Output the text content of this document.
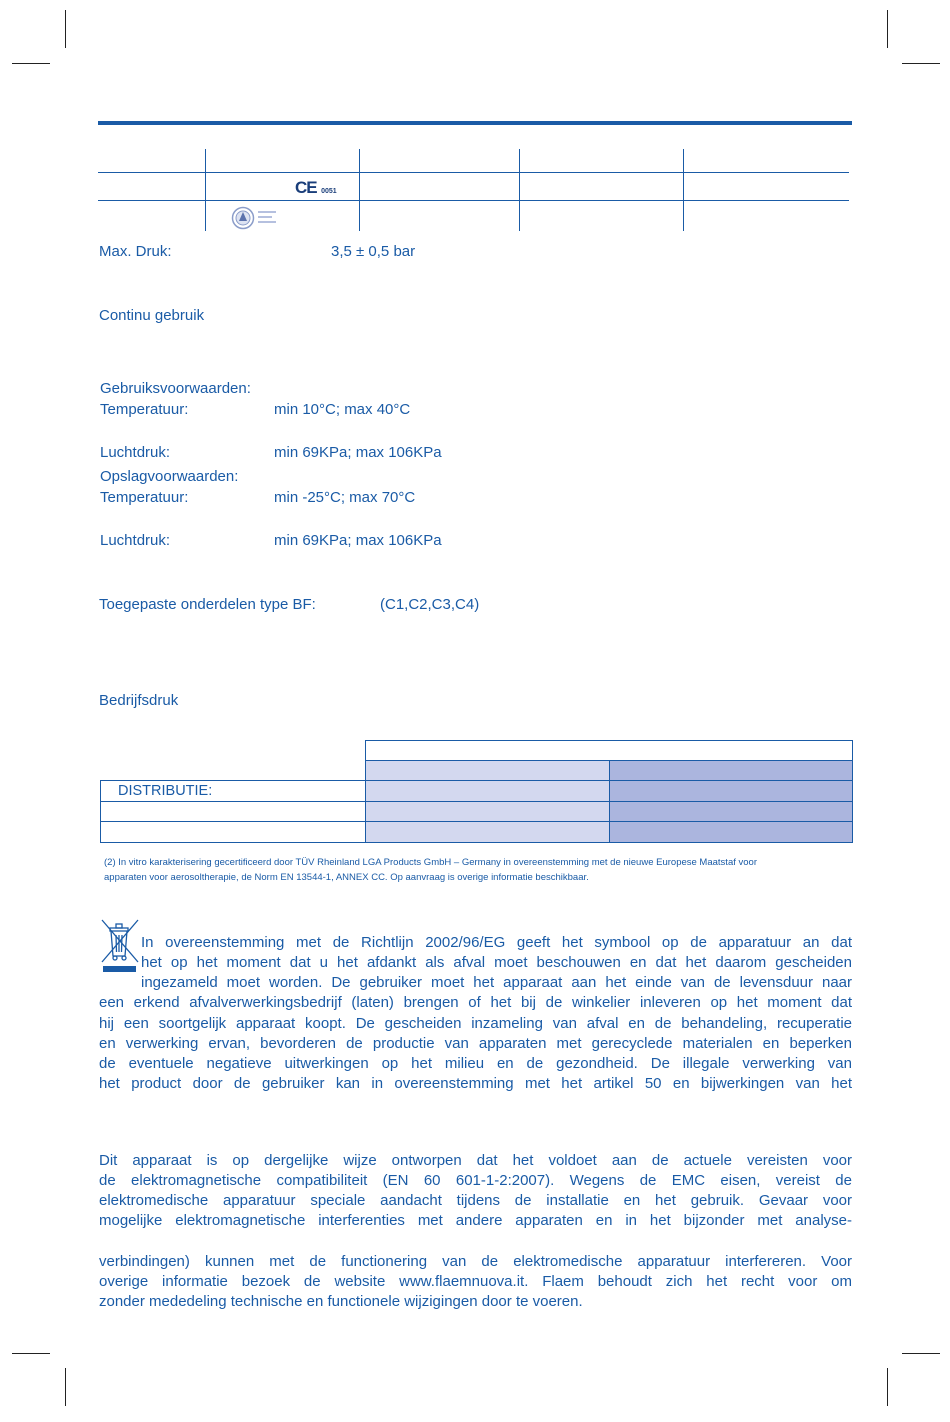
CE 0051
Max. Druk:	3,5 ± 0,5 bar
Continu gebruik
Gebruiksvoorwaarden:
Temperatuur:	min 10°C; max 40°C
Luchtdruk:	min 69KPa; max 106KPa
Opslagvoorwaarden:
Temperatuur:	min -25°C; max 70°C
Luchtdruk:	min 69KPa; max 106KPa
Toegepaste onderdelen type BF:	(C1,C2,C3,C4)
Bedrijfsdruk
DISTRIBUTIE:
(2) In vitro karakterisering gecertificeerd door TÜV Rheinland LGA Products GmbH – Germany in overeenstemming met de nieuwe Europese Maatstaf voor
apparaten voor aerosoltherapie, de Norm EN 13544-1, ANNEX CC. Op aanvraag is overige informatie beschikbaar.
In overeenstemming met de Richtlijn 2002/96/EG geeft het symbool op de apparatuur an dat
het op het moment dat u het afdankt als afval moet beschouwen en dat het daarom gescheiden
ingezameld moet worden. De gebruiker moet het apparaat aan het einde van de levensduur naar
een erkend afvalverwerkingsbedrijf (laten) brengen of het bij de winkelier inleveren op het moment dat
hij een soortgelijk apparaat koopt. De gescheiden inzameling van afval en de behandeling, recuperatie
en verwerking ervan, bevorderen de productie van apparaten met gerecyclede materialen en beperken
de eventuele negatieve uitwerkingen op het milieu en de gezondheid. De illegale verwerking van
het product door de gebruiker kan in overeenstemming met het artikel 50 en bijwerkingen van het
Dit apparaat is op dergelijke wijze ontworpen dat het voldoet aan de actuele vereisten voor
de elektromagnetische compatibiliteit (EN 60 601-1-2:2007). Wegens de EMC eisen, vereist de
elektromedische apparatuur speciale aandacht tijdens de installatie en het gebruik. Gevaar voor
mogelijke elektromagnetische interferenties met andere apparaten en in het bijzonder met analyse-
verbindingen) kunnen met de functionering van de elektromedische apparatuur interfereren. Voor
overige informatie bezoek de website www.flaemnuova.it. Flaem behoudt zich het recht voor om
zonder mededeling technische en functionele wijzigingen door te voeren.
